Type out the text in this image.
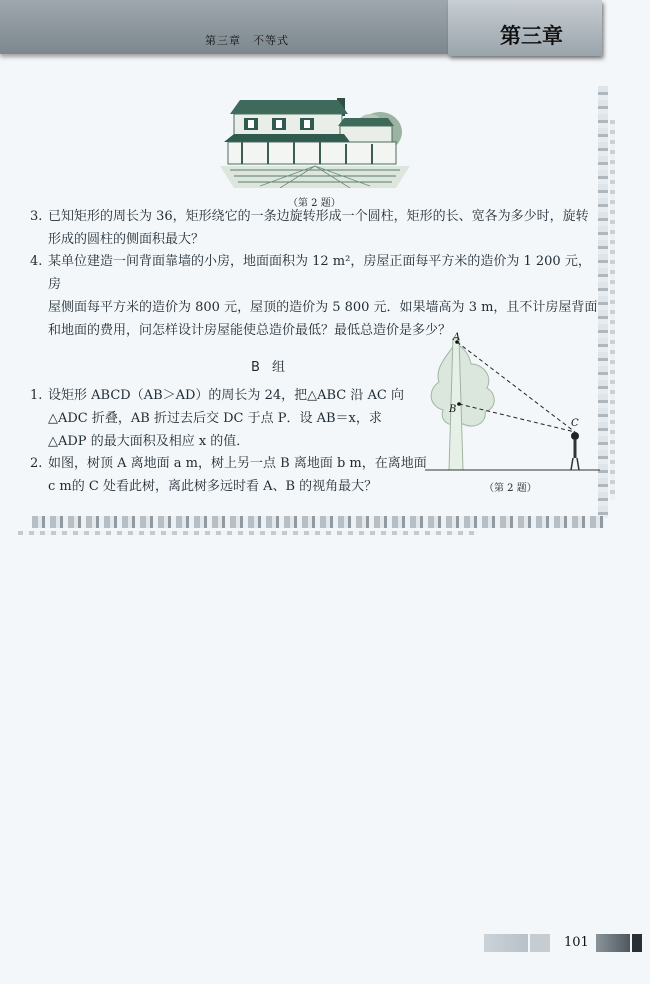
第三章　不等式	第三章
（第 2 题）
3. 已知矩形的周长为 36，矩形绕它的一条边旋转形成一个圆柱，矩形的长、宽各为多少时，旋转
形成的圆柱的侧面积最大？
4. 某单位建造一间背面靠墙的小房，地面面积为 12 m²，房屋正面每平方米的造价为 1 200 元，房
屋侧面每平方米的造价为 800 元，屋顶的造价为 5 800 元．如果墙高为 3 m，且不计房屋背面
和地面的费用，问怎样设计房屋能使总造价最低？最低总造价是多少？
B 组
A
B
C
（第 2 题）
1. 设矩形 ABCD（AB＞AD）的周长为 24，把△ABC 沿 AC 向
△ADC 折叠，AB 折过去后交 DC 于点 P．设 AB＝x，求
△ADP 的最大面积及相应 x 的值．
2. 如图，树顶 A 离地面 a m，树上另一点 B 离地面 b m，在离地面
c m的 C 处看此树，离此树多远时看 A、B 的视角最大？
101
